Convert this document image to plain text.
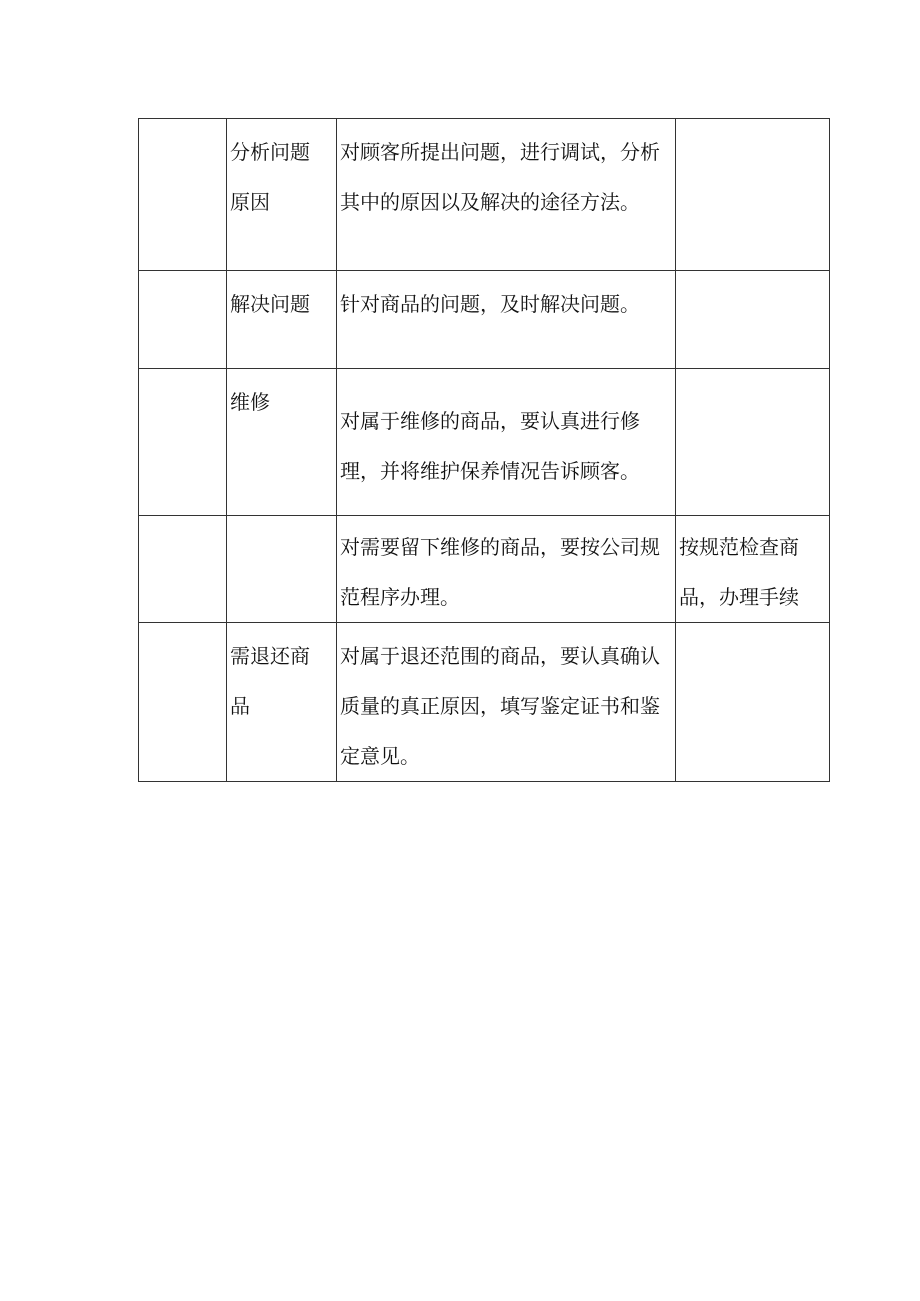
	分析问题原因	对顾客所提出问题，进行调试，分析其中的原因以及解决的途径方法。	

	解决问题	针对商品的问题，及时解决问题。	

	维修	对属于维修的商品，要认真进行修理，并将维护保养情况告诉顾客。	

		对需要留下维修的商品，要按公司规范程序办理。	按规范检查商品，办理手续

	需退还商品	对属于退还范围的商品，要认真确认质量的真正原因，填写鉴定证书和鉴定意见。	
